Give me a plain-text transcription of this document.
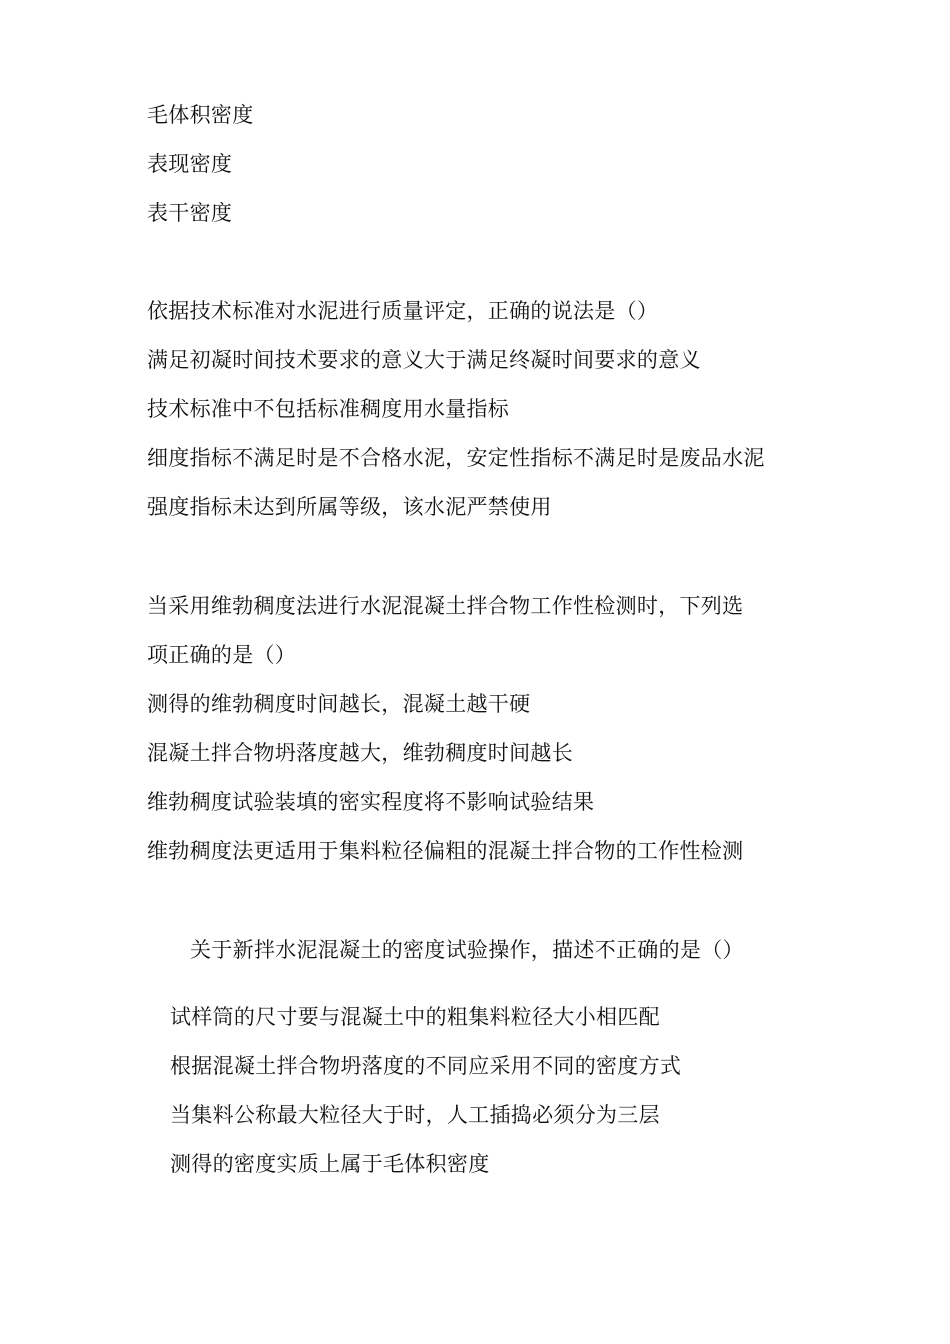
毛体积密度
表现密度
表干密度
依据技术标准对水泥进行质量评定，正确的说法是（）
满足初凝时间技术要求的意义大于满足终凝时间要求的意义
技术标准中不包括标准稠度用水量指标
细度指标不满足时是不合格水泥，安定性指标不满足时是废品水泥
强度指标未达到所属等级，该水泥严禁使用
当采用维勃稠度法进行水泥混凝土拌合物工作性检测时，下列选
项正确的是（）
测得的维勃稠度时间越长，混凝土越干硬
混凝土拌合物坍落度越大，维勃稠度时间越长
维勃稠度试验装填的密实程度将不影响试验结果
维勃稠度法更适用于集料粒径偏粗的混凝土拌合物的工作性检测
关于新拌水泥混凝土的密度试验操作，描述不正确的是（）
试样筒的尺寸要与混凝土中的粗集料粒径大小相匹配
根据混凝土拌合物坍落度的不同应采用不同的密度方式
当集料公称最大粒径大于时，人工插捣必须分为三层
测得的密度实质上属于毛体积密度
